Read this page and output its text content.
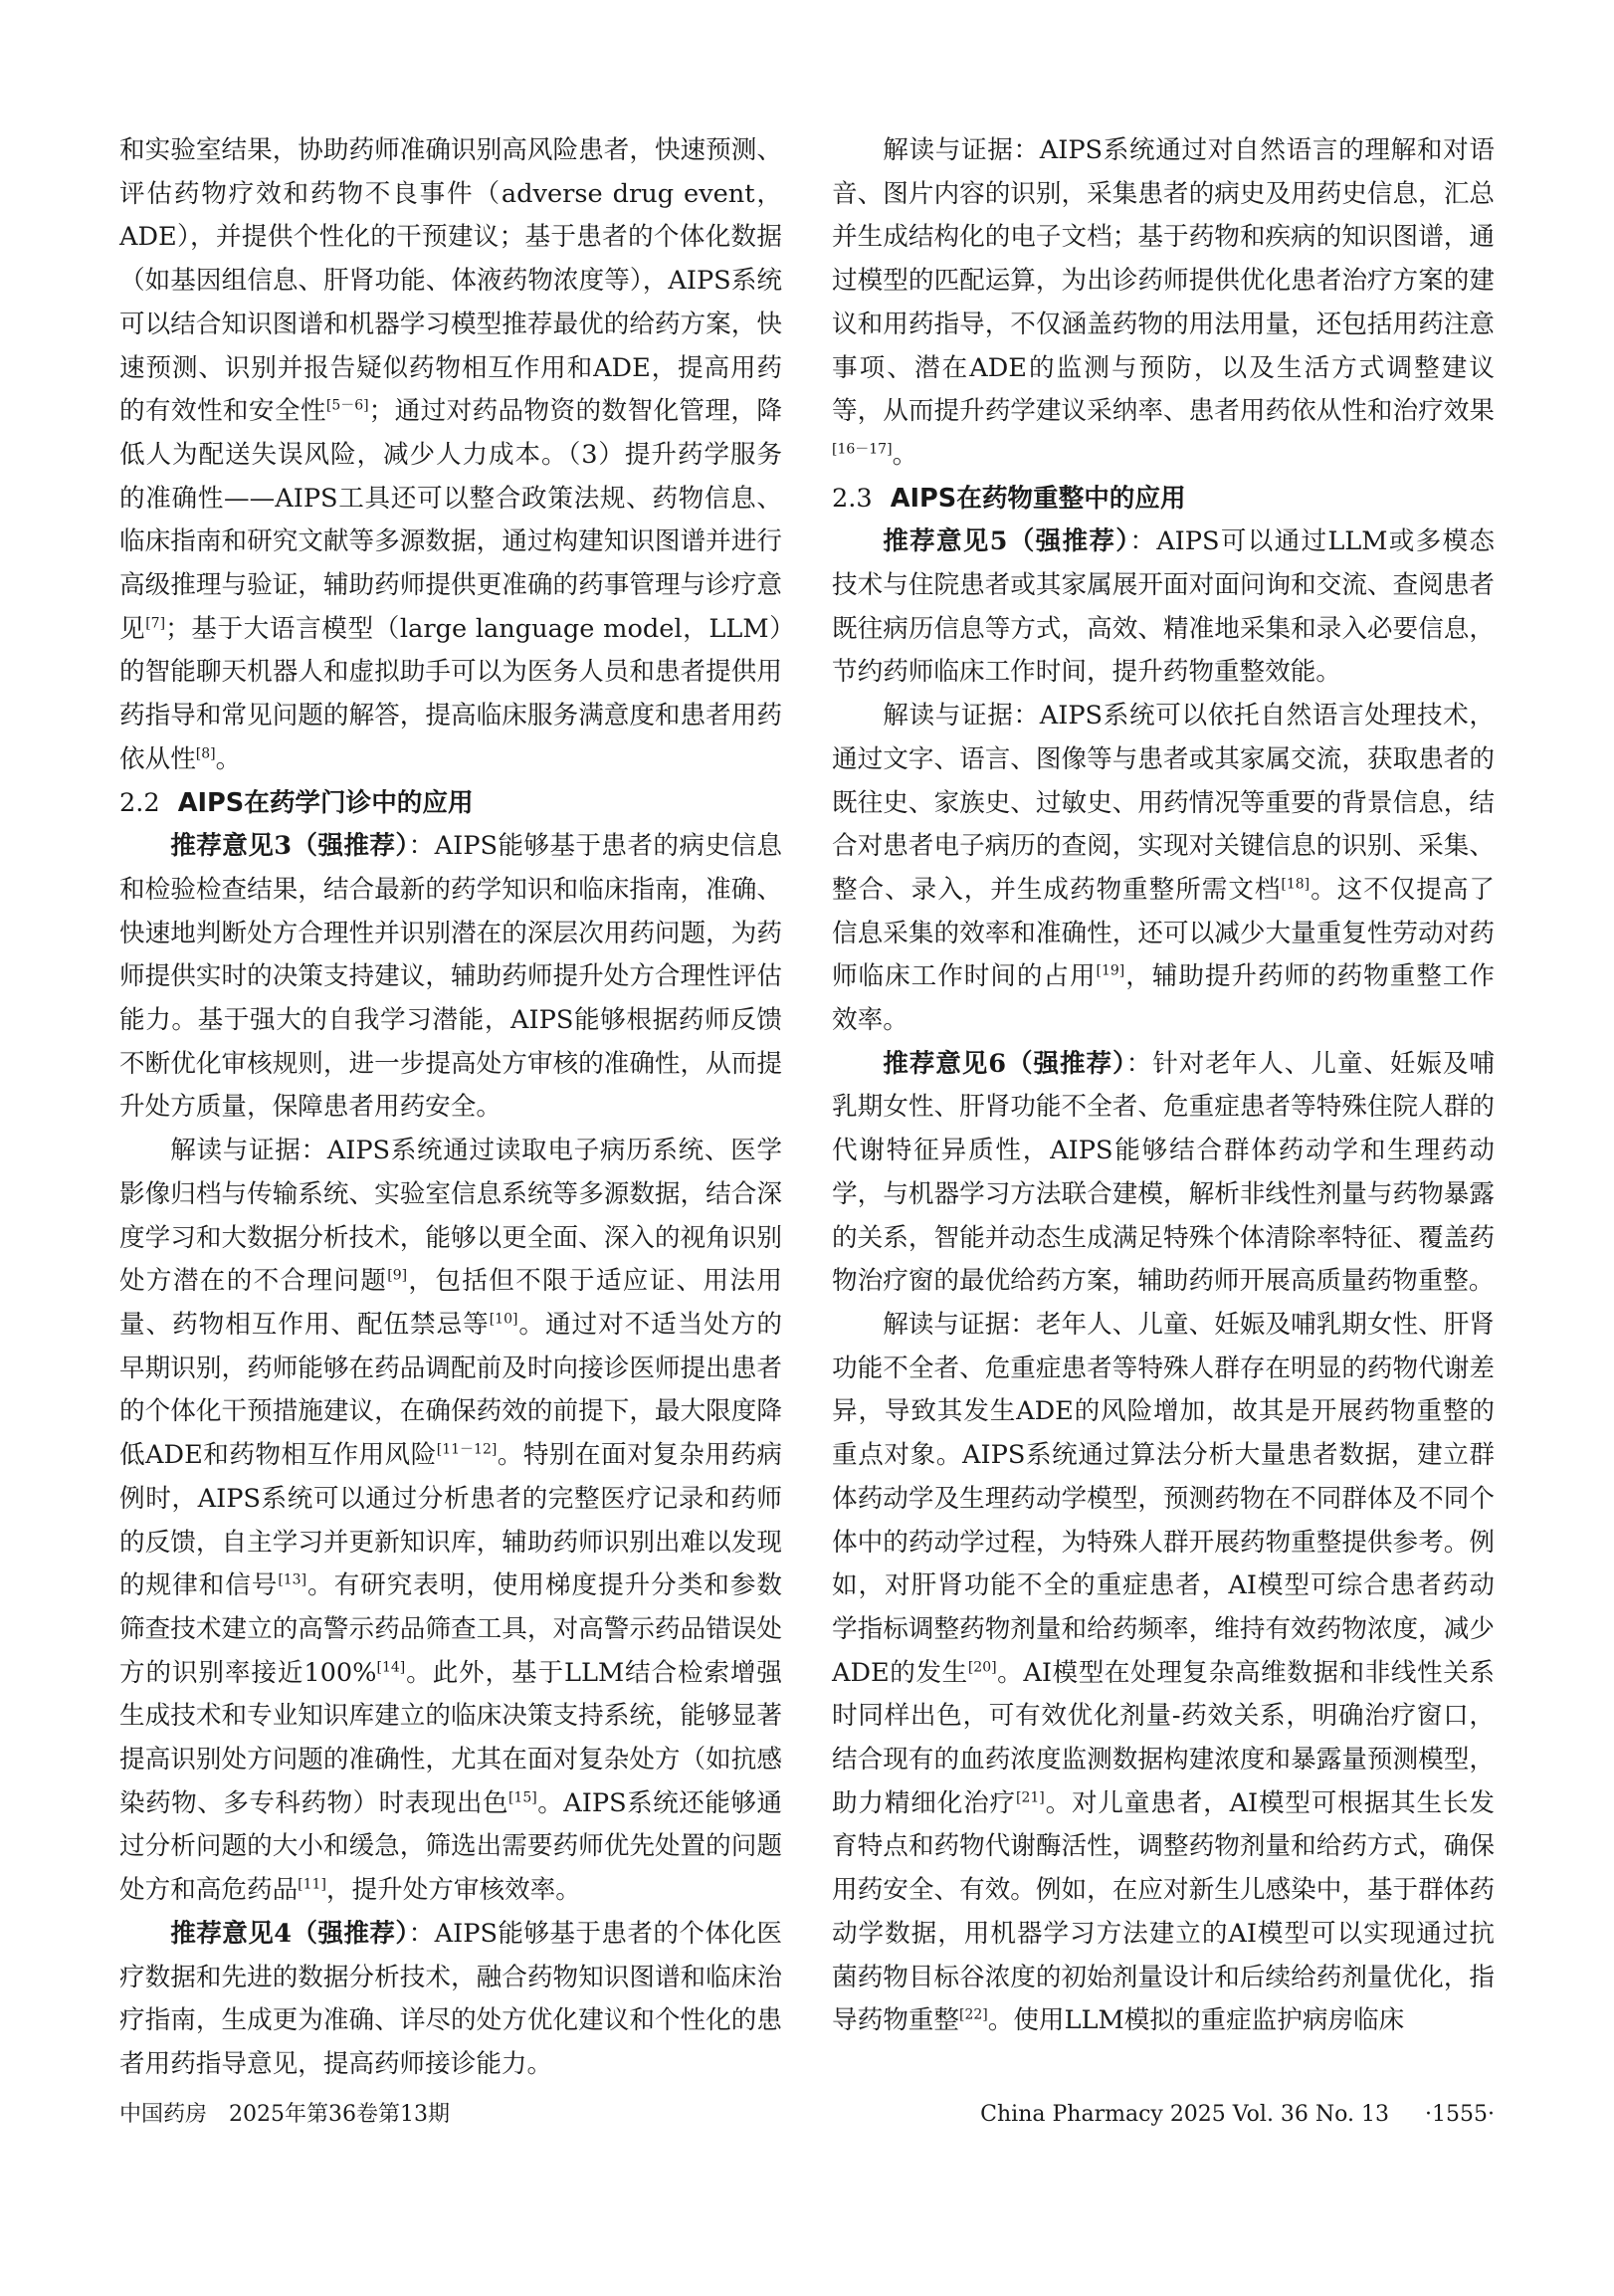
和实验室结果，协助药师准确识别高风险患者，快速预测、评估药物疗效和药物不良事件（adverse drug event，ADE），并提供个性化的干预建议；基于患者的个体化数据（如基因组信息、肝肾功能、体液药物浓度等），AIPS系统可以结合知识图谱和机器学习模型推荐最优的给药方案，快速预测、识别并报告疑似药物相互作用和ADE，提高用药的有效性和安全性[5－6]；通过对药品物资的数智化管理，降低人为配送失误风险，减少人力成本。（3）提升药学服务的准确性——AIPS工具还可以整合政策法规、药物信息、临床指南和研究文献等多源数据，通过构建知识图谱并进行高级推理与验证，辅助药师提供更准确的药事管理与诊疗意见[7]；基于大语言模型（large language model，LLM）的智能聊天机器人和虚拟助手可以为医务人员和患者提供用药指导和常见问题的解答，提高临床服务满意度和患者用药依从性[8]。

2.2 AIPS在药学门诊中的应用

推荐意见3（强推荐）：AIPS能够基于患者的病史信息和检验检查结果，结合最新的药学知识和临床指南，准确、快速地判断处方合理性并识别潜在的深层次用药问题，为药师提供实时的决策支持建议，辅助药师提升处方合理性评估能力。基于强大的自我学习潜能，AIPS能够根据药师反馈不断优化审核规则，进一步提高处方审核的准确性，从而提升处方质量，保障患者用药安全。

解读与证据：AIPS系统通过读取电子病历系统、医学影像归档与传输系统、实验室信息系统等多源数据，结合深度学习和大数据分析技术，能够以更全面、深入的视角识别处方潜在的不合理问题[9]，包括但不限于适应证、用法用量、药物相互作用、配伍禁忌等[10]。通过对不适当处方的早期识别，药师能够在药品调配前及时向接诊医师提出患者的个体化干预措施建议，在确保药效的前提下，最大限度降低ADE和药物相互作用风险[11－12]。特别在面对复杂用药病例时，AIPS系统可以通过分析患者的完整医疗记录和药师的反馈，自主学习并更新知识库，辅助药师识别出难以发现的规律和信号[13]。有研究表明，使用梯度提升分类和参数筛查技术建立的高警示药品筛查工具，对高警示药品错误处方的识别率接近100%[14]。此外，基于LLM结合检索增强生成技术和专业知识库建立的临床决策支持系统，能够显著提高识别处方问题的准确性，尤其在面对复杂处方（如抗感染药物、多专科药物）时表现出色[15]。AIPS系统还能够通过分析问题的大小和缓急，筛选出需要药师优先处置的问题处方和高危药品[11]，提升处方审核效率。

推荐意见4（强推荐）：AIPS能够基于患者的个体化医疗数据和先进的数据分析技术，融合药物知识图谱和临床治疗指南，生成更为准确、详尽的处方优化建议和个性化的患者用药指导意见，提高药师接诊能力。

解读与证据：AIPS系统通过对自然语言的理解和对语音、图片内容的识别，采集患者的病史及用药史信息，汇总并生成结构化的电子文档；基于药物和疾病的知识图谱，通过模型的匹配运算，为出诊药师提供优化患者治疗方案的建议和用药指导，不仅涵盖药物的用法用量，还包括用药注意事项、潜在ADE的监测与预防，以及生活方式调整建议等，从而提升药学建议采纳率、患者用药依从性和治疗效果[16－17]。

2.3 AIPS在药物重整中的应用

推荐意见5（强推荐）：AIPS可以通过LLM或多模态技术与住院患者或其家属展开面对面问询和交流、查阅患者既往病历信息等方式，高效、精准地采集和录入必要信息，节约药师临床工作时间，提升药物重整效能。

解读与证据：AIPS系统可以依托自然语言处理技术，通过文字、语言、图像等与患者或其家属交流，获取患者的既往史、家族史、过敏史、用药情况等重要的背景信息，结合对患者电子病历的查阅，实现对关键信息的识别、采集、整合、录入，并生成药物重整所需文档[18]。这不仅提高了信息采集的效率和准确性，还可以减少大量重复性劳动对药师临床工作时间的占用[19]，辅助提升药师的药物重整工作效率。

推荐意见6（强推荐）：针对老年人、儿童、妊娠及哺乳期女性、肝肾功能不全者、危重症患者等特殊住院人群的代谢特征异质性，AIPS能够结合群体药动学和生理药动学，与机器学习方法联合建模，解析非线性剂量与药物暴露的关系，智能并动态生成满足特殊个体清除率特征、覆盖药物治疗窗的最优给药方案，辅助药师开展高质量药物重整。

解读与证据：老年人、儿童、妊娠及哺乳期女性、肝肾功能不全者、危重症患者等特殊人群存在明显的药物代谢差异，导致其发生ADE的风险增加，故其是开展药物重整的重点对象。AIPS系统通过算法分析大量患者数据，建立群体药动学及生理药动学模型，预测药物在不同群体及不同个体中的药动学过程，为特殊人群开展药物重整提供参考。例如，对肝肾功能不全的重症患者，AI模型可综合患者药动学指标调整药物剂量和给药频率，维持有效药物浓度，减少ADE的发生[20]。AI模型在处理复杂高维数据和非线性关系时同样出色，可有效优化剂量-药效关系，明确治疗窗口，结合现有的血药浓度监测数据构建浓度和暴露量预测模型，助力精细化治疗[21]。对儿童患者，AI模型可根据其生长发育特点和药物代谢酶活性，调整药物剂量和给药方式，确保用药安全、有效。例如，在应对新生儿感染中，基于群体药动学数据，用机器学习方法建立的AI模型可以实现通过抗菌药物目标谷浓度的初始剂量设计和后续给药剂量优化，指导药物重整[22]。使用LLM模拟的重症监护病房临床

中国药房　2025年第36卷第13期	China Pharmacy 2025 Vol. 36 No. 13 ·1555·
